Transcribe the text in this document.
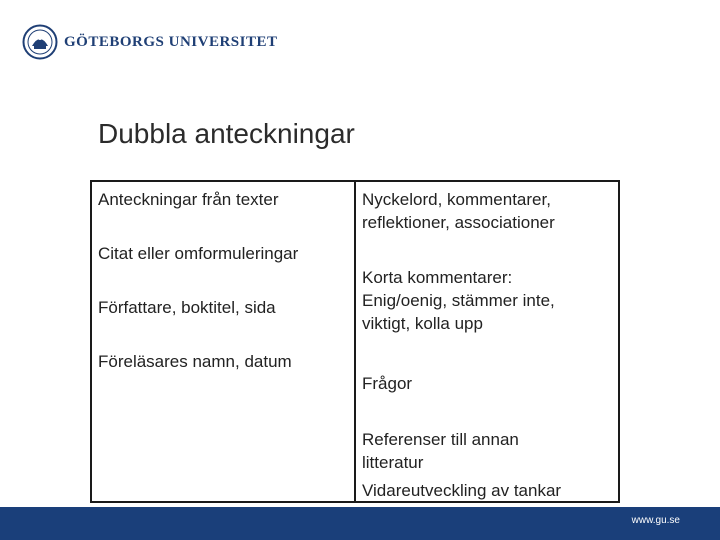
GÖTEBORGS UNIVERSITET
Dubbla anteckningar
Anteckningar från texter
Citat eller omformuleringar
Författare, boktitel, sida
Föreläsares namn, datum
Nyckelord, kommentarer,
reflektioner, associationer
Korta kommentarer:
Enig/oenig, stämmer inte,
viktigt, kolla upp
Frågor
Referenser till annan
litteratur
Vidareutveckling av tankar
www.gu.se
